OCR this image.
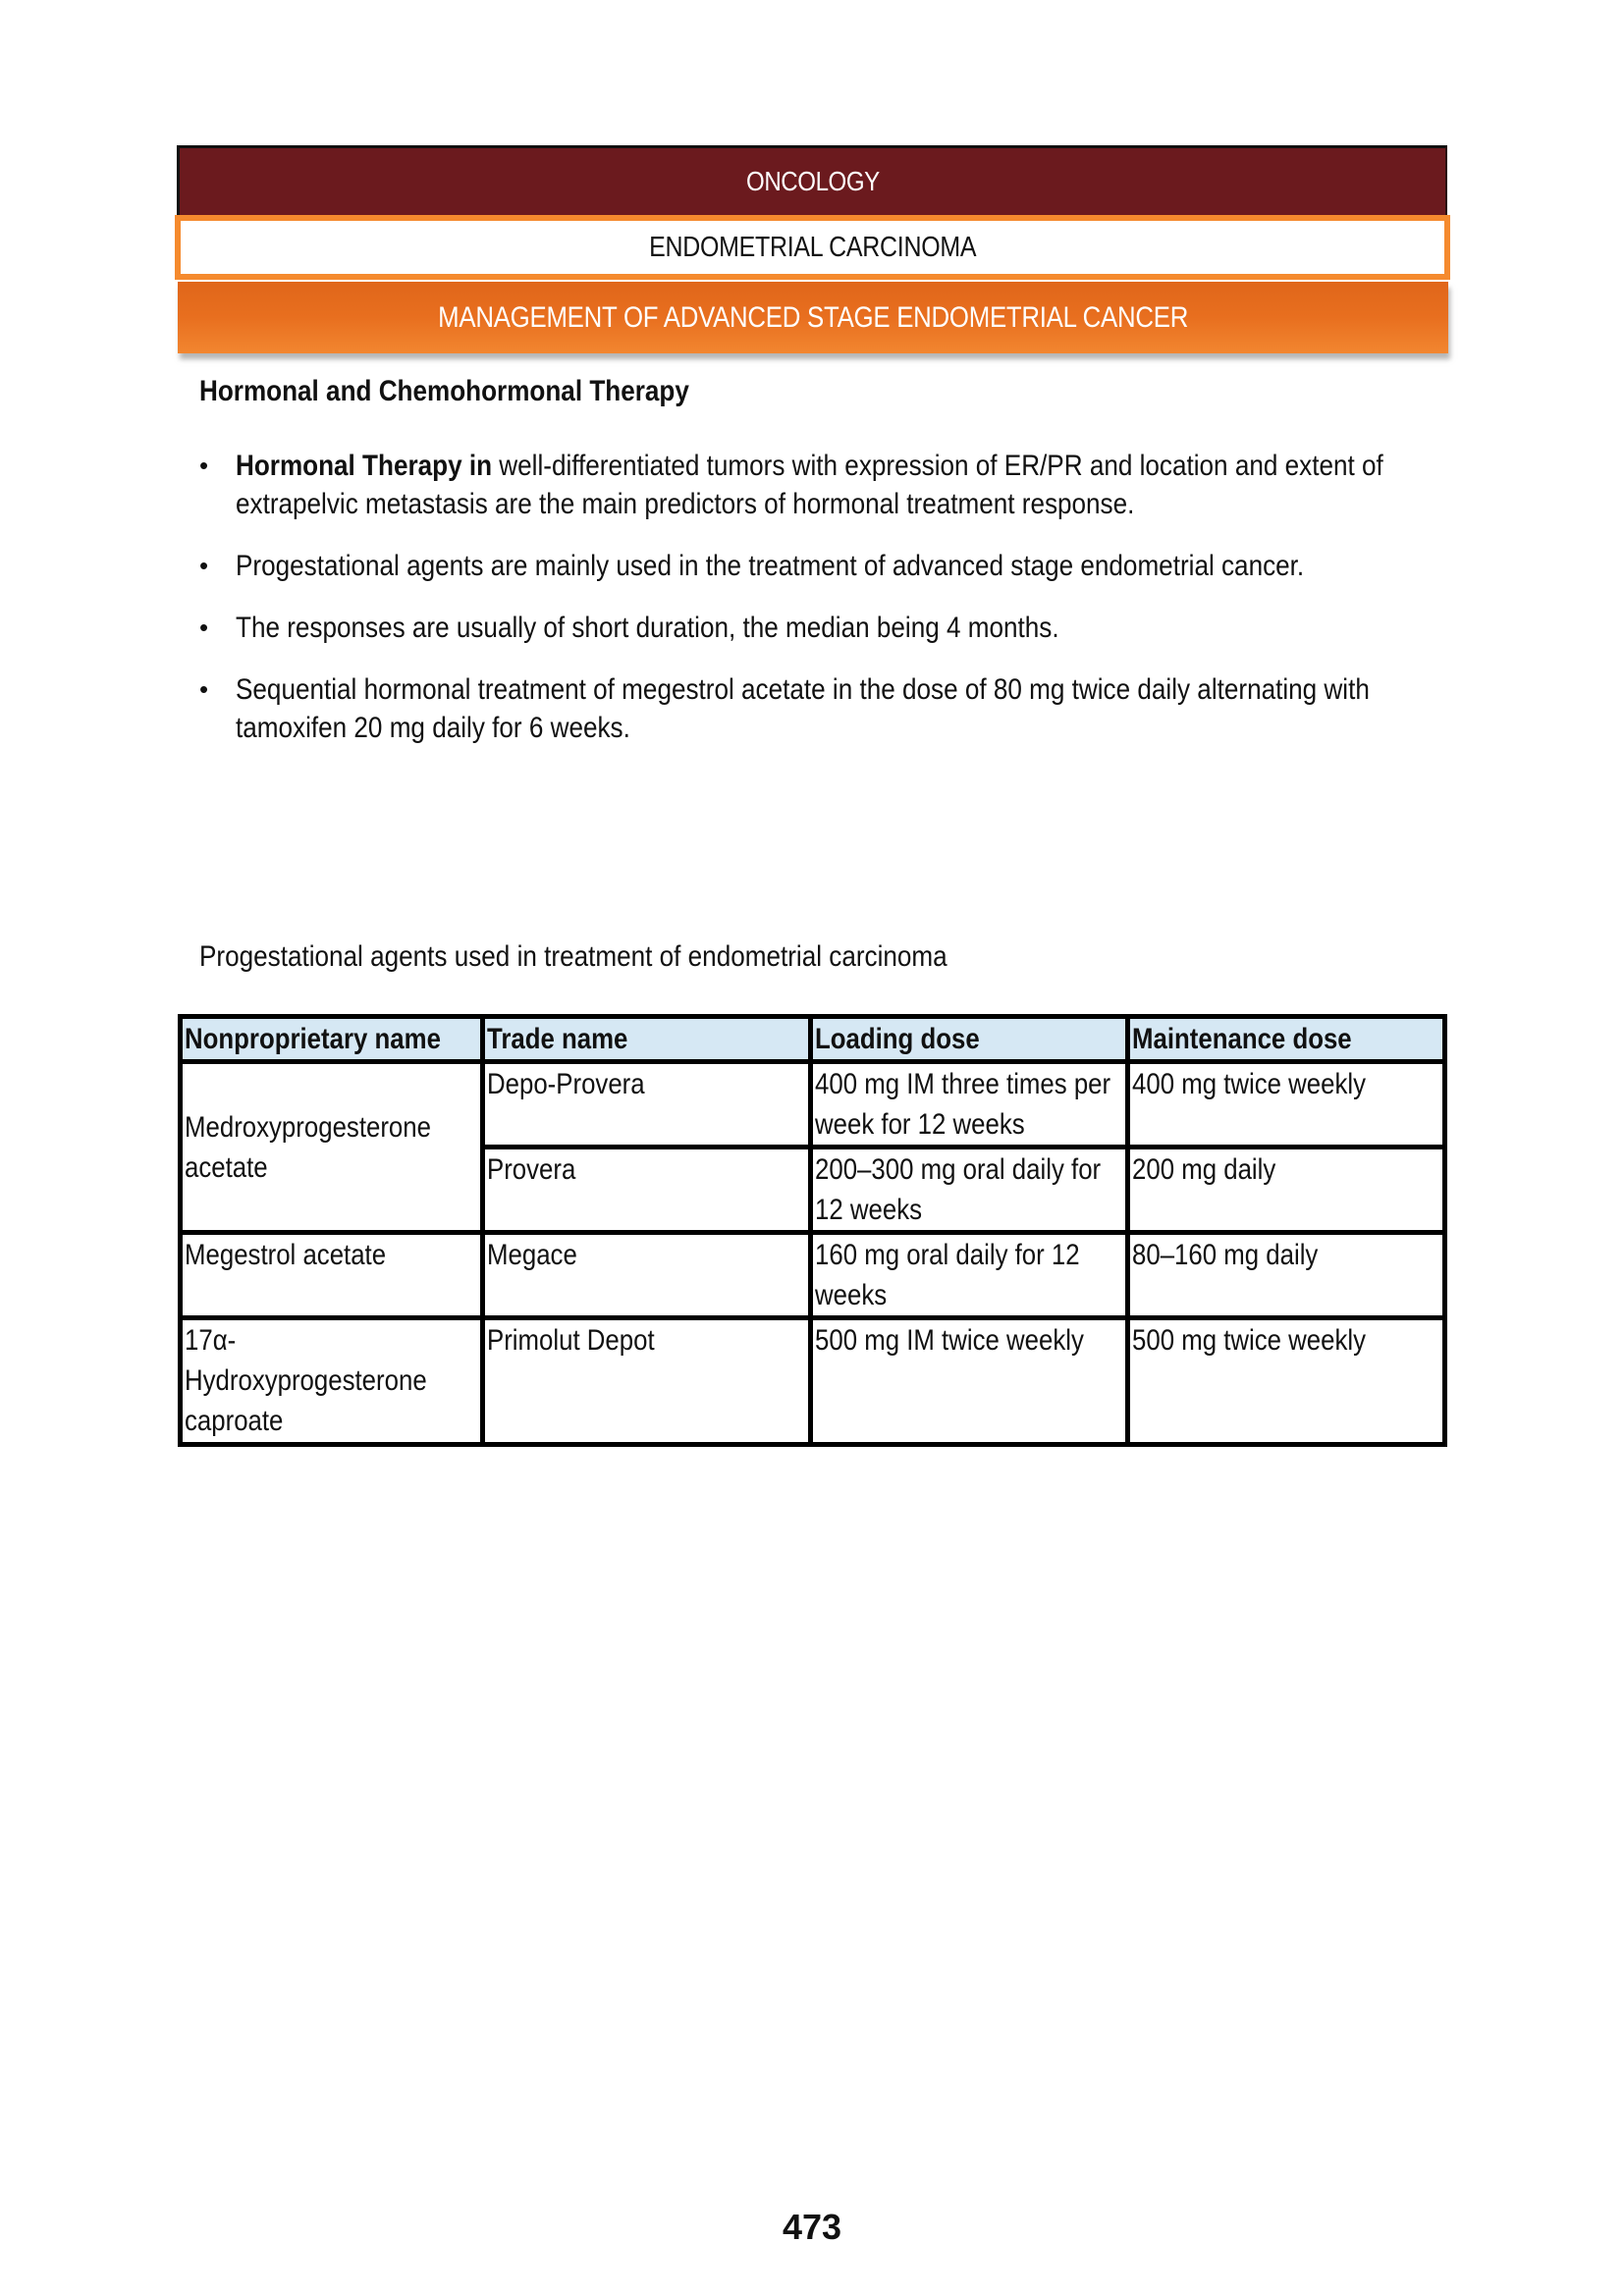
ONCOLOGY
ENDOMETRIAL CARCINOMA
MANAGEMENT OF ADVANCED STAGE ENDOMETRIAL CANCER
Hormonal and Chemohormonal Therapy
• Hormonal Therapy in well-differentiated tumors with expression of ER/PR and location and extent of extrapelvic metastasis are the main predictors of hormonal treatment response.
• Progestational agents are mainly used in the treatment of advanced stage endometrial cancer.
• The responses are usually of short duration, the median being 4 months.
• Sequential hormonal treatment of megestrol acetate in the dose of 80 mg twice daily alternating with tamoxifen 20 mg daily for 6 weeks.
Progestational agents used in treatment of endometrial carcinoma
Nonproprietary name	Trade name	Loading dose	Maintenance dose

Medroxyprogesterone acetate	Depo-Provera	400 mg IM three times per week for 12 weeks	400 mg twice weekly

	Provera	200–300 mg oral daily for 12 weeks	200 mg daily

Megestrol acetate	Megace	160 mg oral daily for 12 weeks	80–160 mg daily

17α-Hydroxyprogesterone caproate	Primolut Depot	500 mg IM twice weekly	500 mg twice weekly
473
